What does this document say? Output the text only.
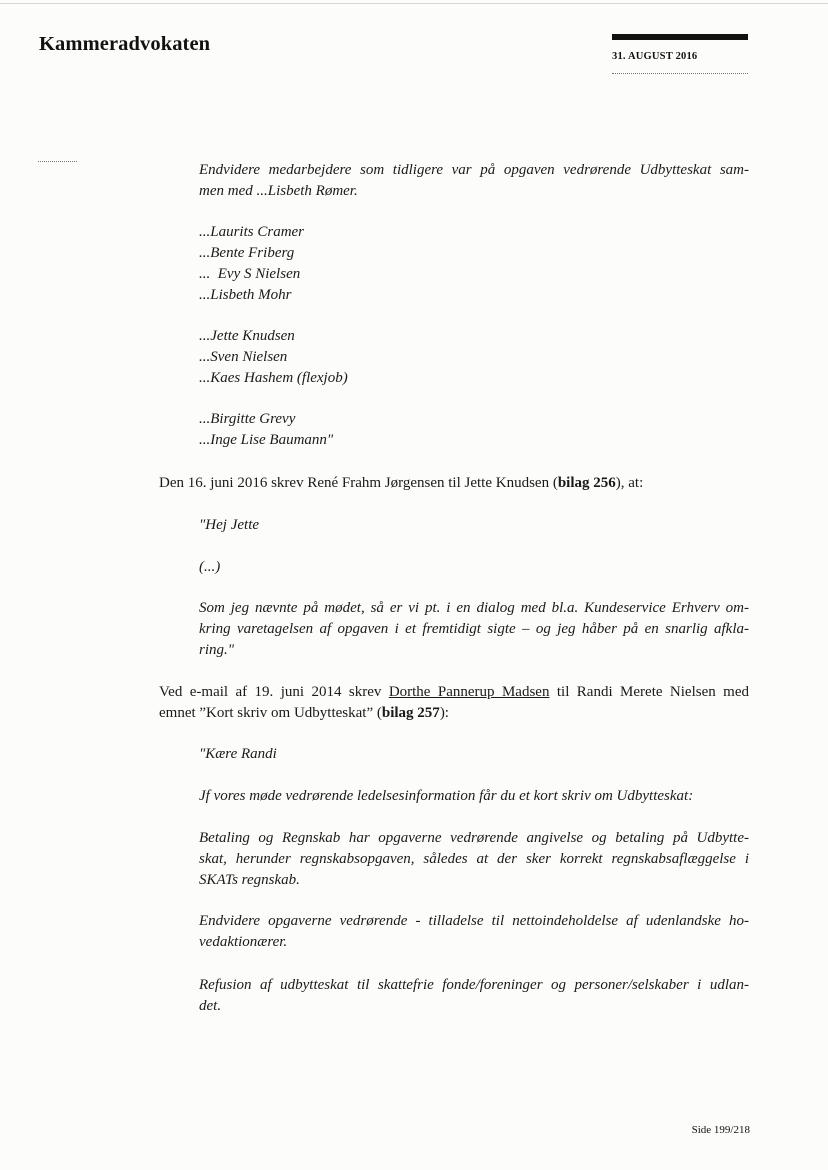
Kammeradvokaten
31. AUGUST 2016
Endvidere medarbejdere som tidligere var på opgaven vedrørende Udbytteskat sam-
men med ...Lisbeth Rømer.
...Laurits Cramer
...Bente Friberg
...  Evy S Nielsen
...Lisbeth Mohr
...Jette Knudsen
...Sven Nielsen
...Kaes Hashem (flexjob)
...Birgitte Grevy
...Inge Lise Baumann"
Den 16. juni 2016 skrev René Frahm Jørgensen til Jette Knudsen (bilag 256), at:
"Hej Jette
(...)
Som jeg nævnte på mødet, så er vi pt. i en dialog med bl.a. Kundeservice Erhverv om-
kring varetagelsen af opgaven i et fremtidigt sigte – og jeg håber på en snarlig afkla-
ring."
Ved e-mail af 19. juni 2014 skrev Dorthe Pannerup Madsen til Randi Merete Nielsen med
emnet ”Kort skriv om Udbytteskat” (bilag 257):
"Kære Randi
Jf vores møde vedrørende ledelsesinformation får du et kort skriv om Udbytteskat:
Betaling og Regnskab har opgaverne vedrørende angivelse og betaling på Udbytte-
skat, herunder regnskabsopgaven, således at der sker korrekt regnskabsaflæggelse i
SKATs regnskab.
Endvidere opgaverne vedrørende - tilladelse til nettoindeholdelse af udenlandske ho-
vedaktionærer.
Refusion af udbytteskat til skattefrie fonde/foreninger og personer/selskaber i udlan-
det.
Side 199/218
